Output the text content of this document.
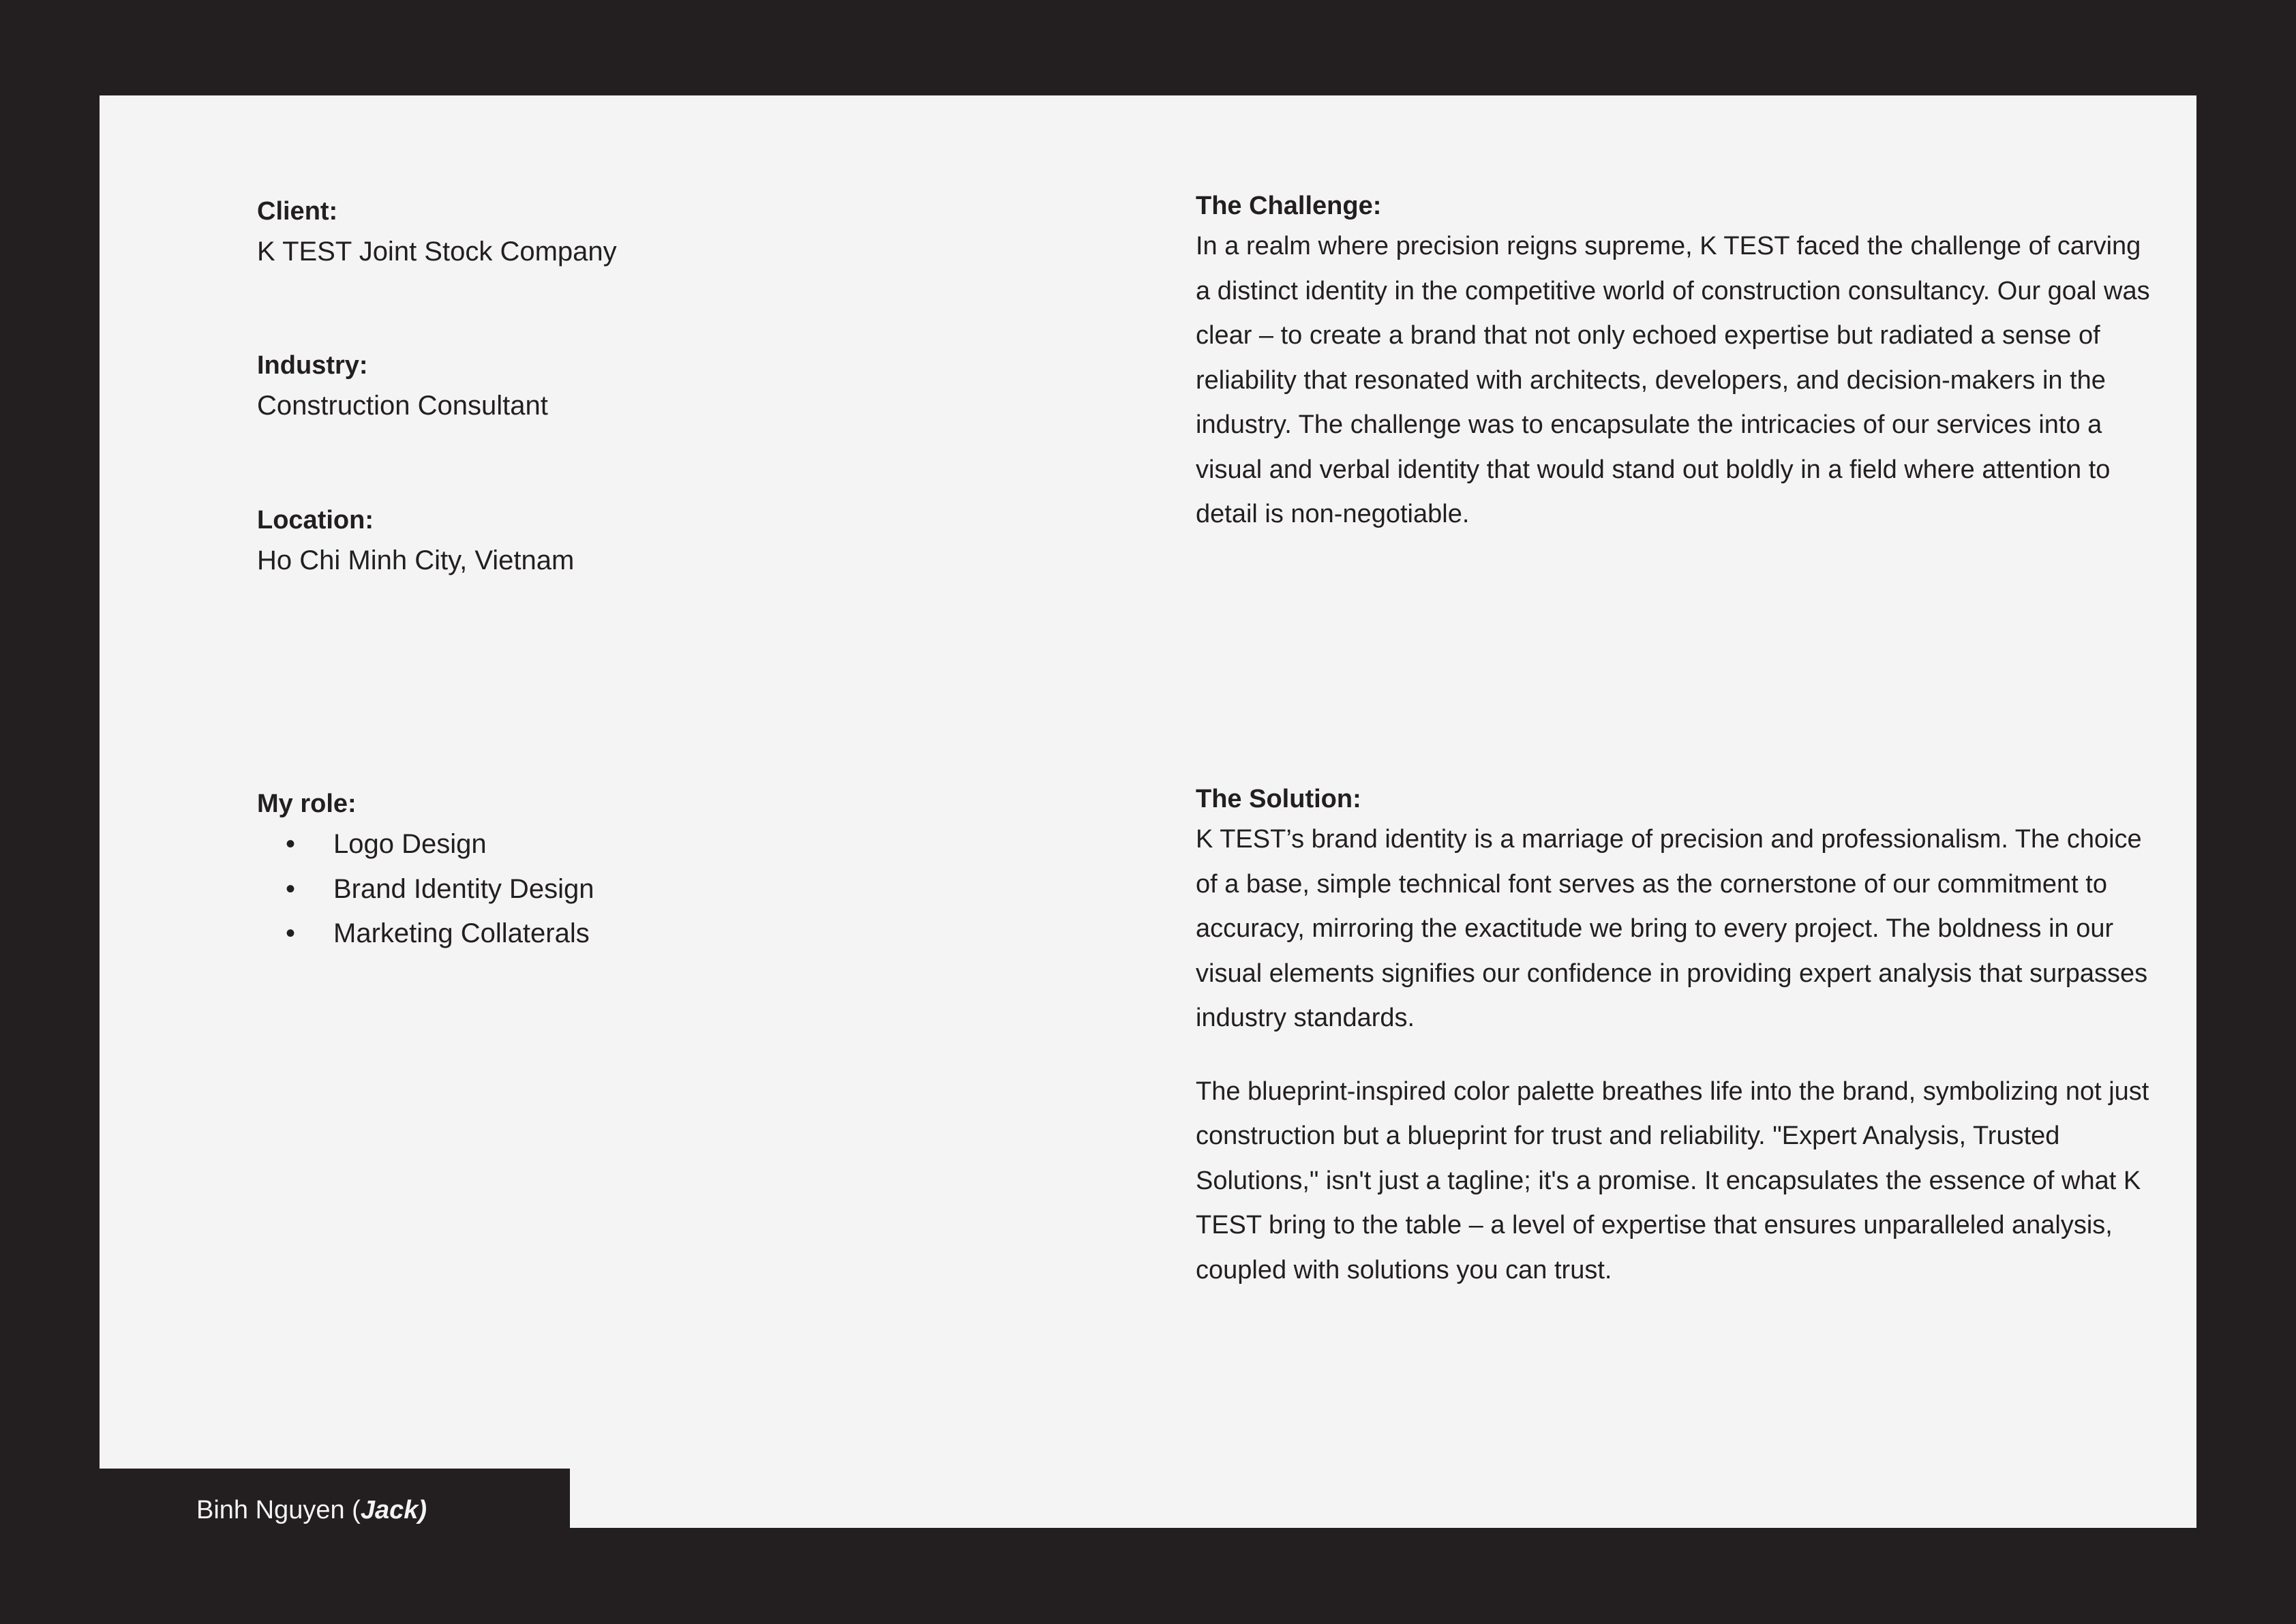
Client:
K TEST Joint Stock Company
Industry:
Construction Consultant
Location:
Ho Chi Minh City, Vietnam
My role:
• Logo Design
• Brand Identity Design
• Marketing Collaterals
The Challenge:

In a realm where precision reigns supreme, K TEST faced the challenge of carving a distinct identity in the competitive world of construction consultancy. Our goal was clear – to create a brand that not only echoed expertise but radiated a sense of reliability that resonated with architects, developers, and decision-makers in the industry. The challenge was to encapsulate the intricacies of our services into a visual and verbal identity that would stand out boldly in a field where attention to detail is non-negotiable.

The Solution:

K TEST’s brand identity is a marriage of precision and professionalism. The choice of a base, simple technical font serves as the cornerstone of our commitment to accuracy, mirroring the exactitude we bring to every project. The boldness in our visual elements signifies our confidence in providing expert analysis that surpasses industry standards.

The blueprint-inspired color palette breathes life into the brand, symbolizing not just construction but a blueprint for trust and reliability. "Expert Analysis, Trusted Solutions," isn't just a tagline; it's a promise. It encapsulates the essence of what K TEST bring to the table – a level of expertise that ensures unparalleled analysis, coupled with solutions you can trust.

Binh Nguyen (Jack)
